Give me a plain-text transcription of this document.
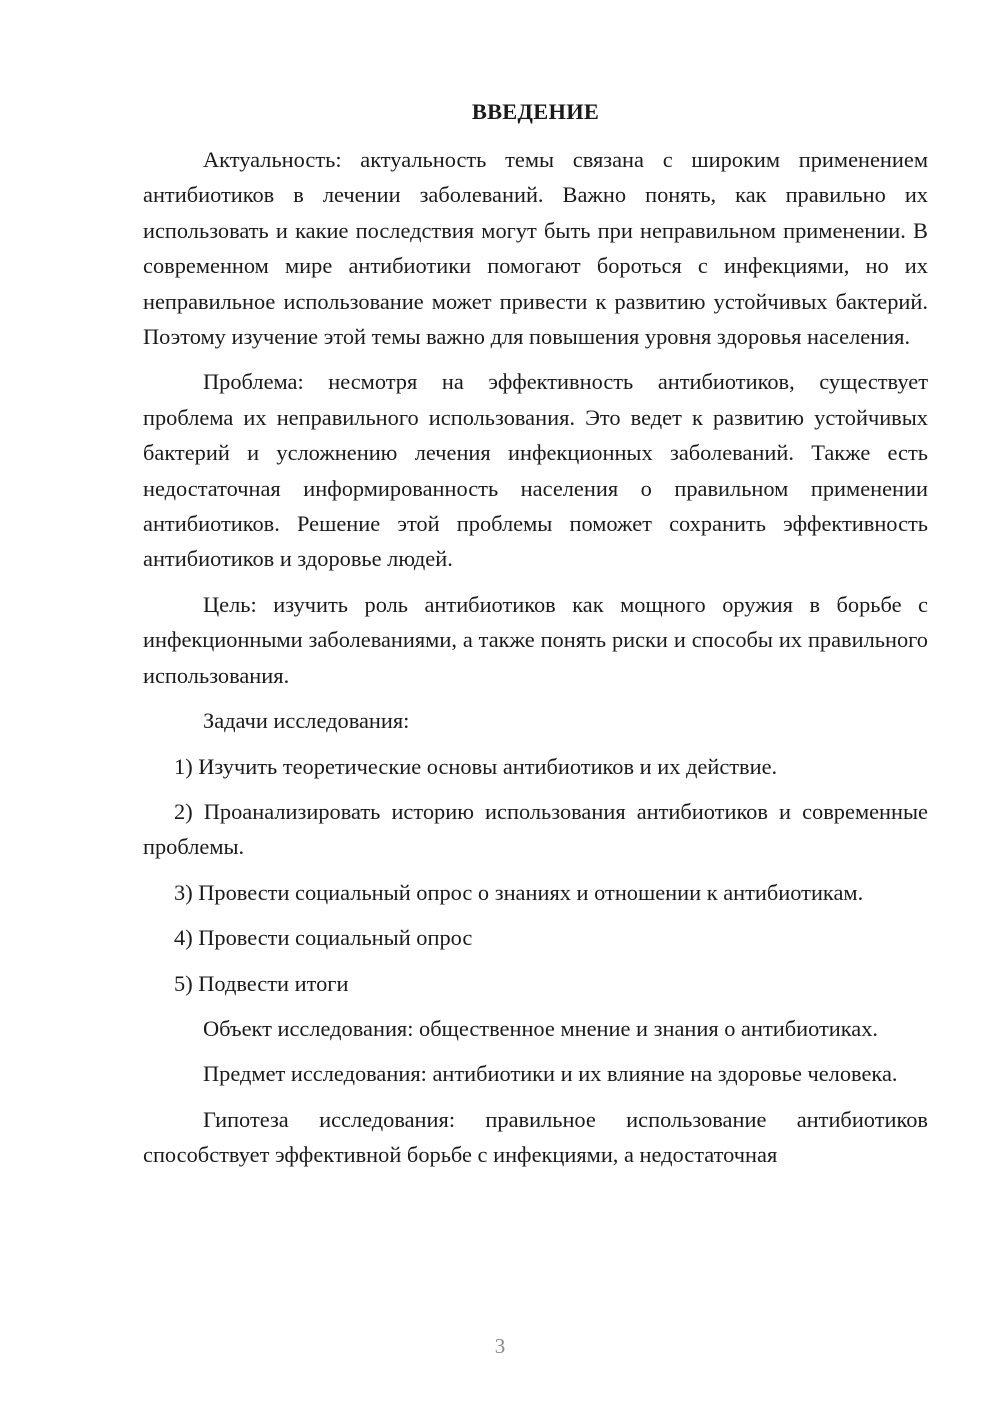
ВВЕДЕНИЕ

Актуальность: актуальность темы связана с широким применением антибиотиков в лечении заболеваний. Важно понять, как правильно их использовать и какие последствия могут быть при неправильном применении. В современном мире антибиотики помогают бороться с инфекциями, но их неправильное использование может привести к развитию устойчивых бактерий. Поэтому изучение этой темы важно для повышения уровня здоровья населения.

Проблема: несмотря на эффективность антибиотиков, существует проблема их неправильного использования. Это ведет к развитию устойчивых бактерий и усложнению лечения инфекционных заболеваний. Также есть недостаточная информированность населения о правильном применении антибиотиков. Решение этой проблемы поможет сохранить эффективность антибиотиков и здоровье людей.

Цель: изучить роль антибиотиков как мощного оружия в борьбе с инфекционными заболеваниями, а также понять риски и способы их правильного использования.

Задачи исследования:

1) Изучить теоретические основы антибиотиков и их действие.

2) Проанализировать историю использования антибиотиков и современные проблемы.

3) Провести социальный опрос о знаниях и отношении к антибиотикам.

4) Провести социальный опрос

5) Подвести итоги

Объект исследования: общественное мнение и знания о антибиотиках.

Предмет исследования: антибиотики и их влияние на здоровье человека.

Гипотеза исследования: правильное использование антибиотиков способствует эффективной борьбе с инфекциями, а недостаточная

3
